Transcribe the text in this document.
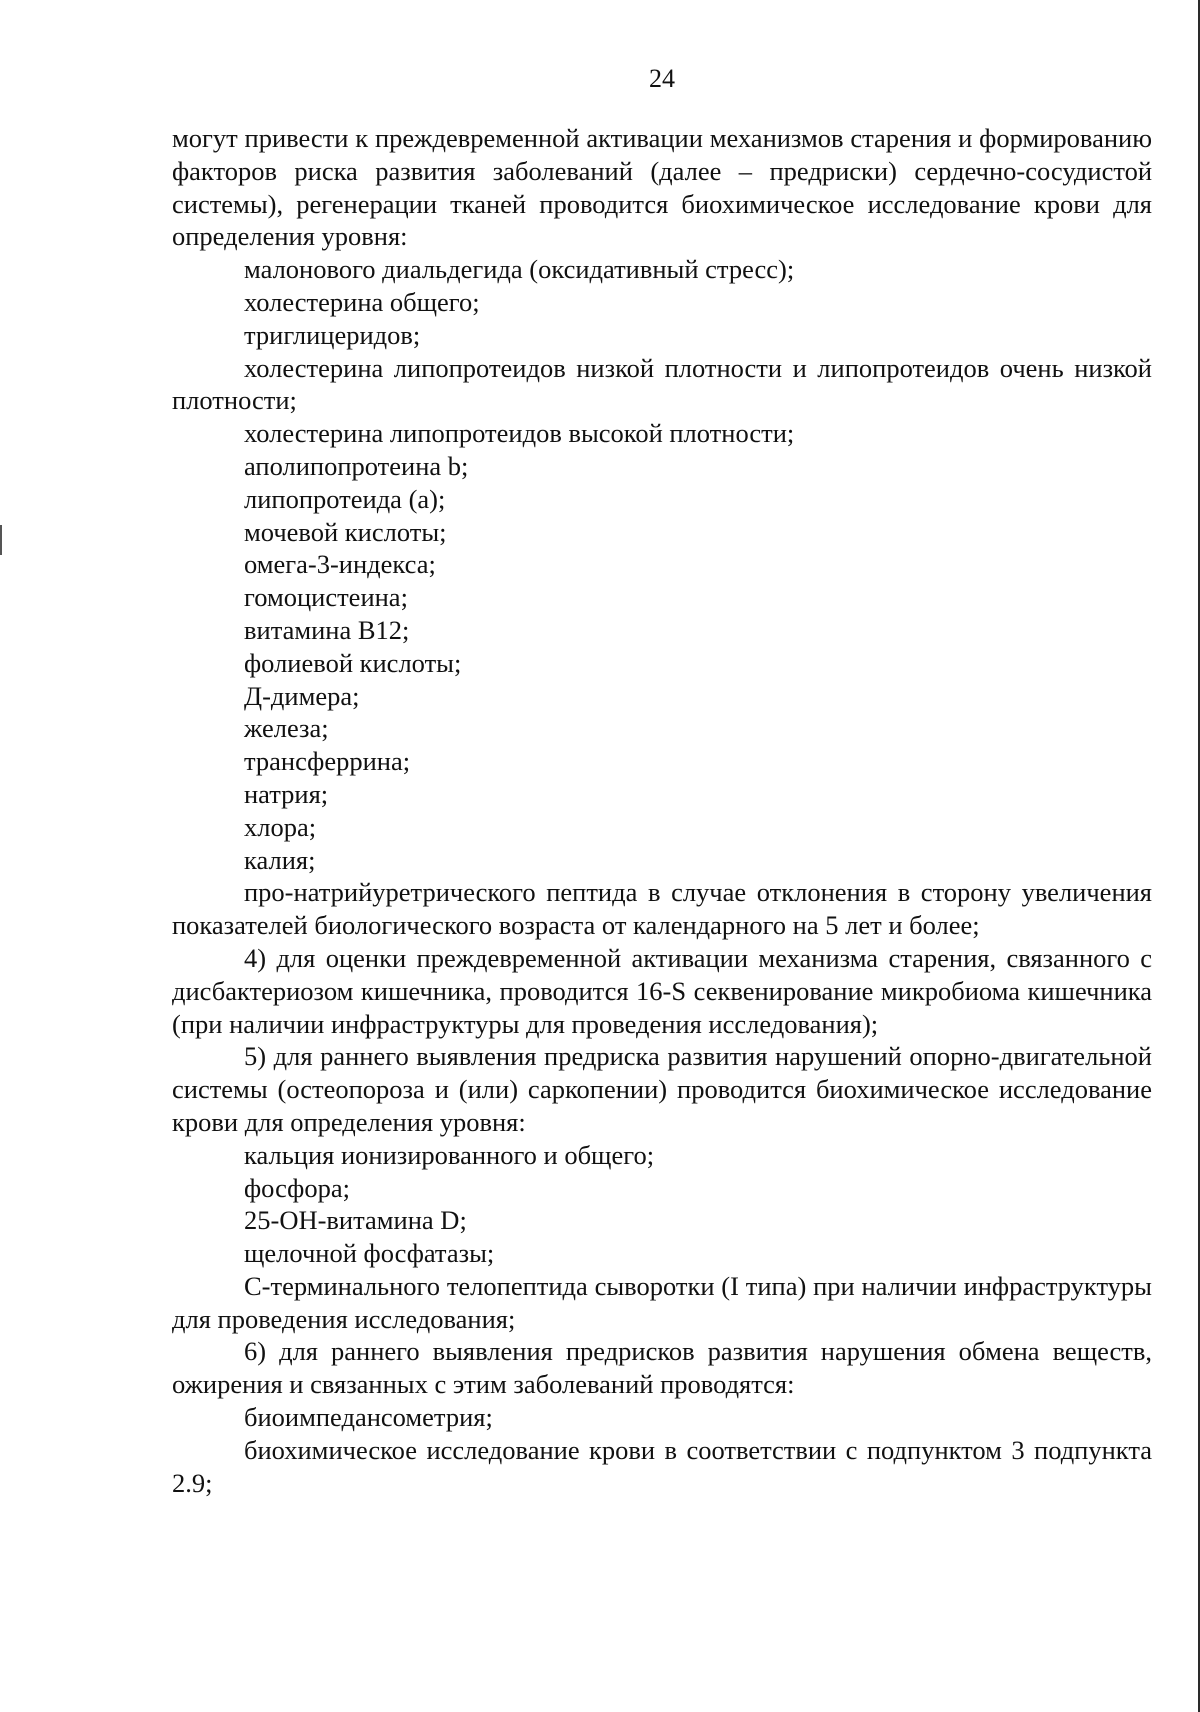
24

могут привести к преждевременной активации механизмов старения и формированию факторов риска развития заболеваний (далее – предриски) сердечно-сосудистой системы), регенерации тканей проводится биохимическое исследование крови для определения уровня:

малонового диальдегида (оксидативный стресс);

холестерина общего;

триглицеридов;

холестерина липопротеидов низкой плотности и липопротеидов очень низкой плотности;

холестерина липопротеидов высокой плотности;

аполипопротеина b;

липопротеида (а);

мочевой кислоты;

омега-3-индекса;

гомоцистеина;

витамина B12;

фолиевой кислоты;

Д-димера;

железа;

трансферрина;

натрия;

хлора;

калия;

про-натрийуретрического пептида в случае отклонения в сторону увеличения показателей биологического возраста от календарного на 5 лет и более;

4) для оценки преждевременной активации механизма старения, связанного с дисбактериозом кишечника, проводится 16-S секвенирование микробиома кишечника (при наличии инфраструктуры для проведения исследования);

5) для раннего выявления предриска развития нарушений опорно-двигательной системы (остеопороза и (или) саркопении) проводится биохимическое исследование крови для определения уровня:

кальция ионизированного и общего;

фосфора;

25-ОН-витамина D;

щелочной фосфатазы;

С-терминального телопептида сыворотки (I типа) при наличии инфраструктуры для проведения исследования;

6) для раннего выявления предрисков развития нарушения обмена веществ, ожирения и связанных с этим заболеваний проводятся:

биоимпедансометрия;

биохимическое исследование крови в соответствии с подпунктом 3 подпункта 2.9;
